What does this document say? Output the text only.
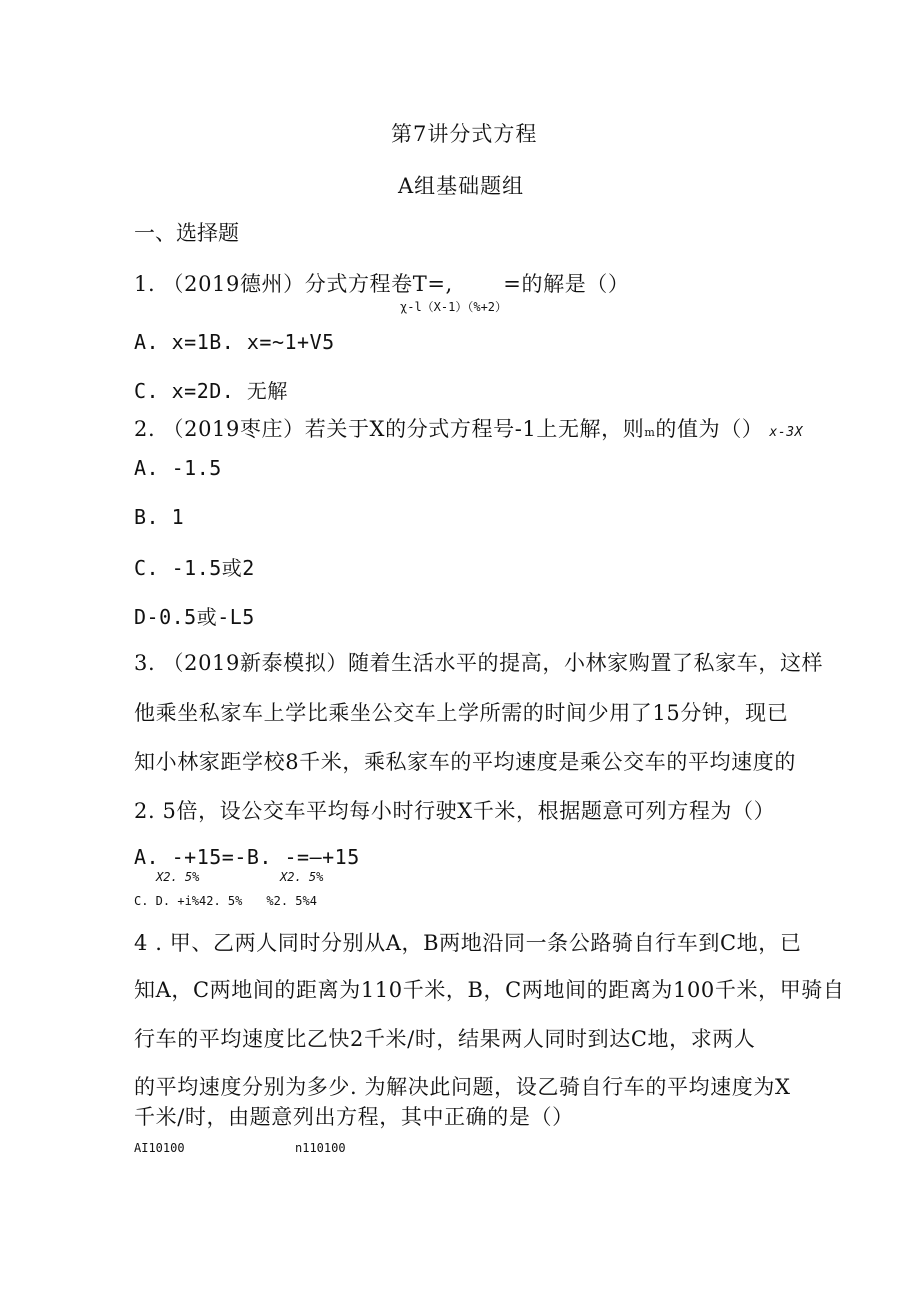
第7讲分式方程
A组基础题组
一、选择题
1. （2019德州）分式方程卷T=,　　 =的解是（）
χ-l（X-1）（%+2）
A. x=1B. x=~1+V5
C. x=2D. 无解
2. （2019枣庄）若关于X的分式方程号-1上无解，则m的值为（） x-3X
A. -1.5
B. 1
C. -1.5或2
D-0.5或-L5
3. （2019新泰模拟）随着生活水平的提高，小林家购置了私家车，这样
他乘坐私家车上学比乘坐公交车上学所需的时间少用了15分钟，现已
知小林家距学校8千米，乘私家车的平均速度是乘公交车的平均速度的
2. 5倍，设公交车平均每小时行驶X千米，根据题意可列方程为（）
A. -+15=-B. -=—+15
X2. 5%	X2. 5%
C. D. +i%42. 5%　　%2. 5%4
4 . 甲、乙两人同时分别从A，B两地沿同一条公路骑自行车到C地，已
知A，C两地间的距离为110千米，B，C两地间的距离为100千米，甲骑自
行车的平均速度比乙快2千米/时，结果两人同时到达C地，求两人
的平均速度分别为多少. 为解决此问题，设乙骑自行车的平均速度为X
千米/时，由题意列出方程，其中正确的是（）
AI10100	n110100
